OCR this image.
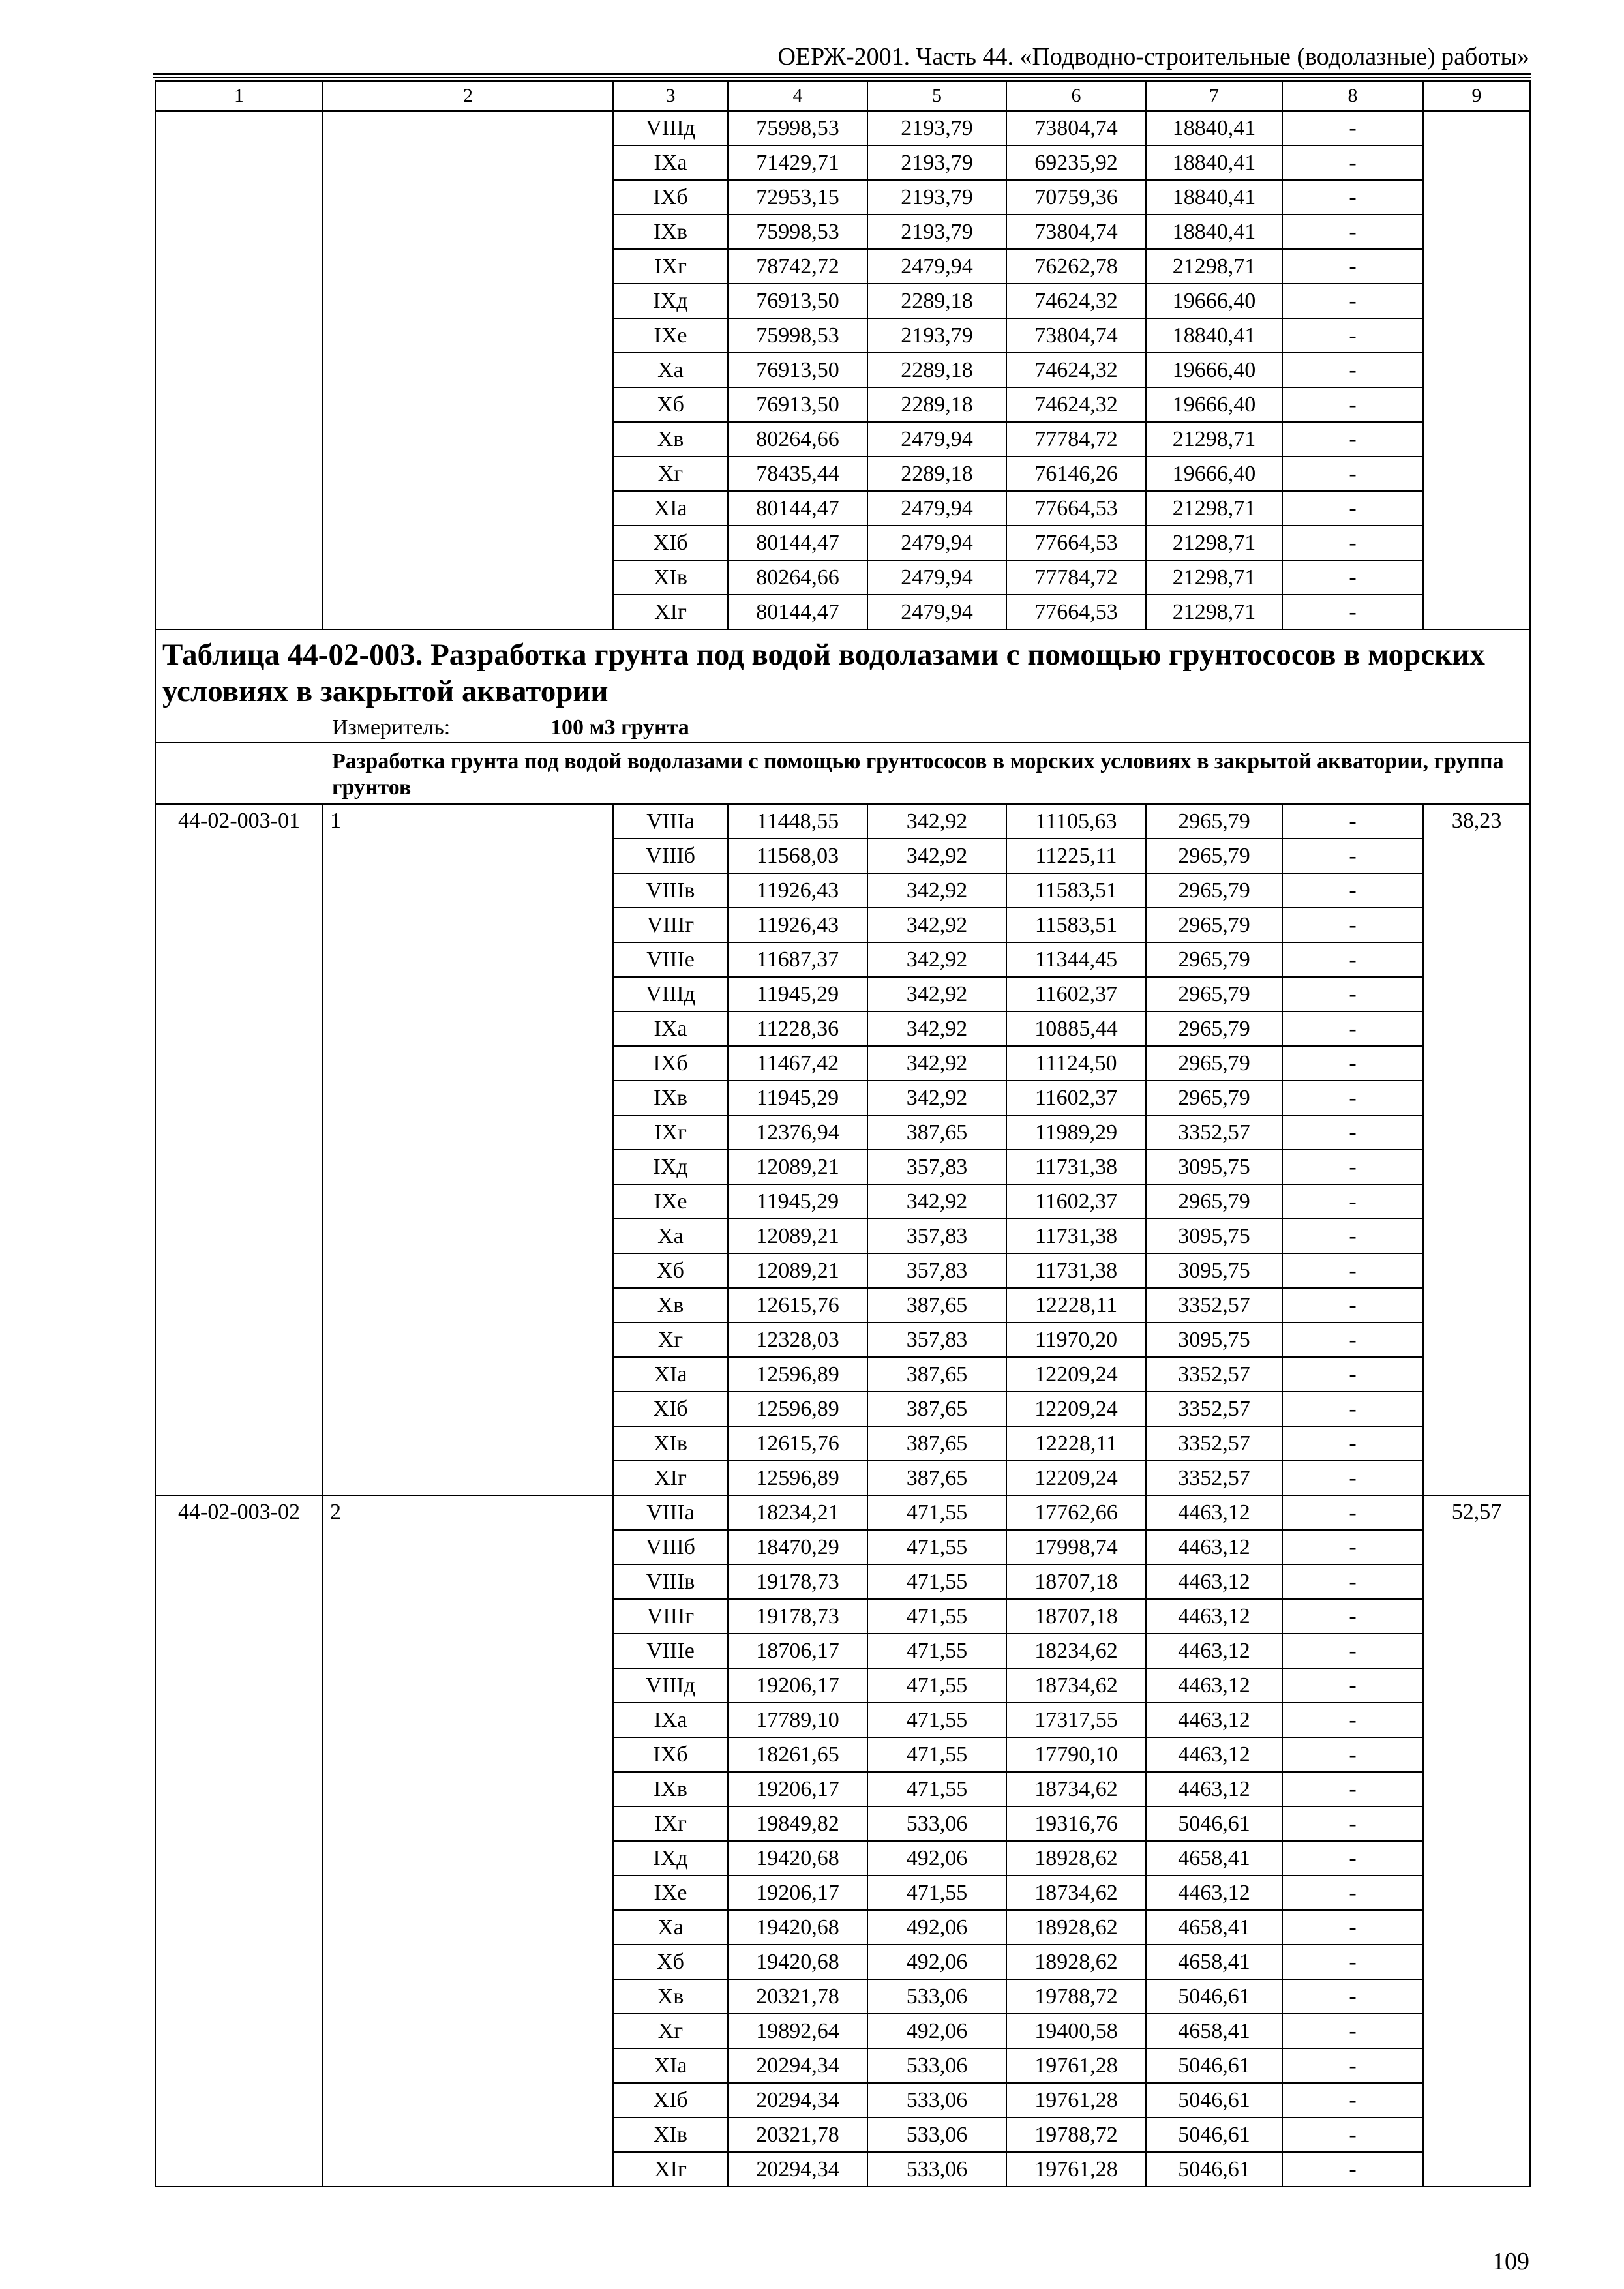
ОЕРЖ-2001. Часть 44. «Подводно-строительные (водолазные) работы»
1	2	3	4	5	6	7	8	9
		VIIIд	75998,53	2193,79	73804,74	18840,41	-	
		IXа	71429,71	2193,79	69235,92	18840,41	-	
		IXб	72953,15	2193,79	70759,36	18840,41	-	
		IXв	75998,53	2193,79	73804,74	18840,41	-	
		IXг	78742,72	2479,94	76262,78	21298,71	-	
		IXд	76913,50	2289,18	74624,32	19666,40	-	
		IXе	75998,53	2193,79	73804,74	18840,41	-	
		Xа	76913,50	2289,18	74624,32	19666,40	-	
		Xб	76913,50	2289,18	74624,32	19666,40	-	
		Xв	80264,66	2479,94	77784,72	21298,71	-	
		Xг	78435,44	2289,18	76146,26	19666,40	-	
		XIа	80144,47	2479,94	77664,53	21298,71	-	
		XIб	80144,47	2479,94	77664,53	21298,71	-	
		XIв	80264,66	2479,94	77784,72	21298,71	-	
		XIг	80144,47	2479,94	77664,53	21298,71	-	

Таблица 44-02-003. Разработка грунта под водой водолазами с помощью грунтососов в морских условиях в закрытой акватории
Измеритель: 100 м3 грунта								

Разработка грунта под водой водолазами с помощью грунтососов в морских условиях в закрытой акватории, группа грунтов								
44-02-003-01	1	VIIIа	11448,55	342,92	11105,63	2965,79	-	38,23
		VIIIб	11568,03	342,92	11225,11	2965,79	-	
		VIIIв	11926,43	342,92	11583,51	2965,79	-	
		VIIIг	11926,43	342,92	11583,51	2965,79	-	
		VIIIе	11687,37	342,92	11344,45	2965,79	-	
		VIIIд	11945,29	342,92	11602,37	2965,79	-	
		IXа	11228,36	342,92	10885,44	2965,79	-	
		IXб	11467,42	342,92	11124,50	2965,79	-	
		IXв	11945,29	342,92	11602,37	2965,79	-	
		IXг	12376,94	387,65	11989,29	3352,57	-	
		IXд	12089,21	357,83	11731,38	3095,75	-	
		IXе	11945,29	342,92	11602,37	2965,79	-	
		Xа	12089,21	357,83	11731,38	3095,75	-	
		Xб	12089,21	357,83	11731,38	3095,75	-	
		Xв	12615,76	387,65	12228,11	3352,57	-	
		Xг	12328,03	357,83	11970,20	3095,75	-	
		XIа	12596,89	387,65	12209,24	3352,57	-	
		XIб	12596,89	387,65	12209,24	3352,57	-	
		XIв	12615,76	387,65	12228,11	3352,57	-	
		XIг	12596,89	387,65	12209,24	3352,57	-	
44-02-003-02	2	VIIIа	18234,21	471,55	17762,66	4463,12	-	52,57
		VIIIб	18470,29	471,55	17998,74	4463,12	-	
		VIIIв	19178,73	471,55	18707,18	4463,12	-	
		VIIIг	19178,73	471,55	18707,18	4463,12	-	
		VIIIе	18706,17	471,55	18234,62	4463,12	-	
		VIIIд	19206,17	471,55	18734,62	4463,12	-	
		IXа	17789,10	471,55	17317,55	4463,12	-	
		IXб	18261,65	471,55	17790,10	4463,12	-	
		IXв	19206,17	471,55	18734,62	4463,12	-	
		IXг	19849,82	533,06	19316,76	5046,61	-	
		IXд	19420,68	492,06	18928,62	4658,41	-	
		IXе	19206,17	471,55	18734,62	4463,12	-	
		Xа	19420,68	492,06	18928,62	4658,41	-	
		Xб	19420,68	492,06	18928,62	4658,41	-	
		Xв	20321,78	533,06	19788,72	5046,61	-	
		Xг	19892,64	492,06	19400,58	4658,41	-	
		XIа	20294,34	533,06	19761,28	5046,61	-	
		XIб	20294,34	533,06	19761,28	5046,61	-	
		XIв	20321,78	533,06	19788,72	5046,61	-	
		XIг	20294,34	533,06	19761,28	5046,61	-	
109
